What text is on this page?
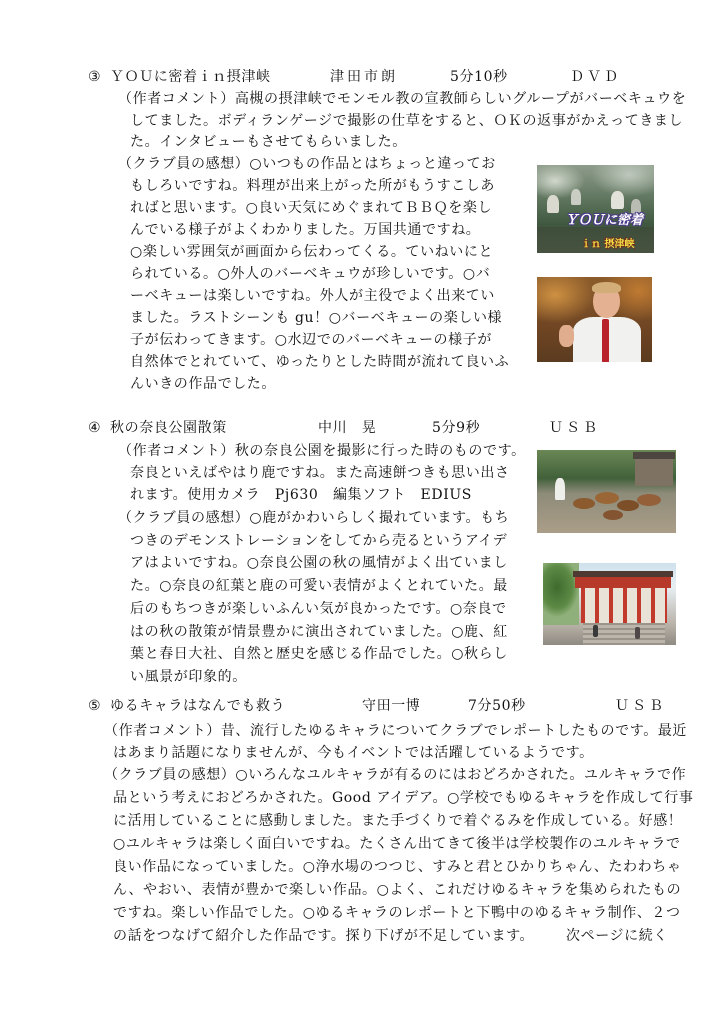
③ ＹＯＵに密着ｉｎ摂津峡	津田市朗	5分10秒	ＤＶＤ
（作者コメント）高槻の摂津峡でモンモル教の宣教師らしいグループがバーベキュウを
してました。ボディランゲージで撮影の仕草をすると、ＯＫの返事がかえってきまし
た。インタビューもさせてもらいました。
（クラブ員の感想）○いつもの作品とはちょっと違ってお
もしろいですね。料理が出来上がった所がもうすこしあ
ればと思います。○良い天気にめぐまれてＢＢＱを楽し
んでいる様子がよくわかりました。万国共通ですね。
○楽しい雰囲気が画面から伝わってくる。ていねいにと
られている。○外人のバーベキュウが珍しいです。○バ
ーベキューは楽しいですね。外人が主役でよく出来てい
ました。ラストシーンも gu！○バーベキューの楽しい様
子が伝わってきます。○水辺でのバーベキューの様子が
自然体でとれていて、ゆったりとした時間が流れて良いふ
んいきの作品でした。
ＹＯＵに密着
ｉｎ 摂津峡
④ 秋の奈良公園散策	中川　晃	5分9秒	ＵＳＢ
（作者コメント）秋の奈良公園を撮影に行った時のものです。
奈良といえばやはり鹿ですね。また高速餅つきも思い出さ
れます。使用カメラ　Pj630　編集ソフト　EDIUS
（クラブ員の感想）○鹿がかわいらしく撮れています。もち
つきのデモンストレーションをしてから売るというアイデ
アはよいですね。○奈良公園の秋の風情がよく出ていまし
た。○奈良の紅葉と鹿の可愛い表情がよくとれていた。最
后のもちつきが楽しいふんい気が良かったです。○奈良で
はの秋の散策が情景豊かに演出されていました。○鹿、紅
葉と春日大社、自然と歴史を感じる作品でした。○秋らし
い風景が印象的。
⑤ ゆるキャラはなんでも救う	守田一博	7分50秒	ＵＳＢ
（作者コメント）昔、流行したゆるキャラについてクラブでレポートしたものです。最近
はあまり話題になりませんが、今もイベントでは活躍しているようです。
（クラブ員の感想）○いろんなユルキャラが有るのにはおどろかされた。ユルキャラで作
品という考えにおどろかされた。Good アイデア。○学校でもゆるキャラを作成して行事
に活用していることに感動しました。また手づくりで着ぐるみを作成している。好感！
○ユルキャラは楽しく面白いですね。たくさん出てきて後半は学校製作のユルキャラで
良い作品になっていました。○浄水場のつつじ、すみと君とひかりちゃん、たわわちゃ
ん、やおい、表情が豊かで楽しい作品。○よく、これだけゆるキャラを集められたもの
ですね。楽しい作品でした。○ゆるキャラのレポートと下鴨中のゆるキャラ制作、２つ
の話をつなげて紹介した作品です。探り下げが不足しています。	次ページに続く
